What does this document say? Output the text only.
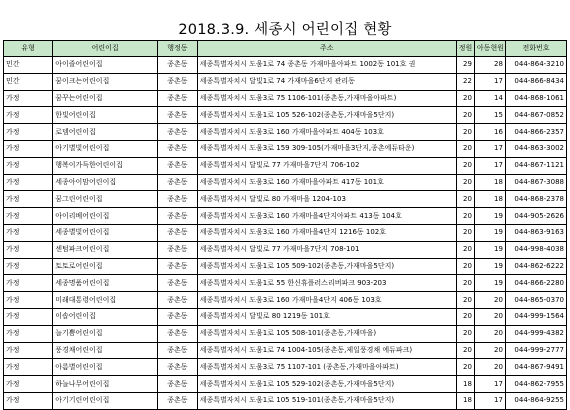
2018.3.9. 세종시 어린이집 현황
유형	어린이집	행정동	주소	정원	아동현원	전화번호
민간	아이즐어린이집	종촌동	세종특별자치시 도움1로 74 종촌동 가재마을아파트 1002동 101호 권	29	28	044-864-3210
민간	꿈이크는어린이집	종촌동	세종특별자치시 달빛1로 74 가재마을6단지 관리동	22	17	044-866-8434
가정	꿈꾸는어린이집	종촌동	세종특별자치시 도움3로 75 1106-101(종촌동,가재마을아파트)	20	14	044-868-1061
가정	한빛어린이집	종촌동	세종특별자치시 도움1로 105 526-102(종촌동,가재마을5단지)	20	15	044-867-0852
가정	로뎀어린이집	종촌동	세종특별자치시 도움3로 160 가재마을아파트 404동 103호	20	16	044-866-2357
가정	아기별빛어린이집	종촌동	세종특별자치시 도움3로 159 309-105(가재마을3단지,종촌에듀타운)	20	17	044-863-3002
가정	행복이가득한어린이집	종촌동	세종특별자치시 달빛로 77 가재마을7단지 706-102	20	17	044-867-1121
가정	세종아이맘어린이집	종촌동	세종특별자치시 도움3로 160 가재마을아파트 417동 101호	20	18	044-867-3088
가정	꿈그린어린이집	종촌동	세종특별자치시 달빛로 80 가재마을 1204-103	20	18	044-868-2378
가정	아이리베어린이집	종촌동	세종특별자치시 도움3로 160 가재마을4단지아파트 413동 104호	20	19	044-905-2626
가정	세종별빛어린이집	종촌동	세종특별자치시 도움3로 160 가재마을4단지 1216동 102호	20	19	044-863-9163
가정	센텀파크어린이집	종촌동	세종특별자치시 달빛로 77 가재마을7단지 708-101	20	19	044-998-4038
가정	토토로어린이집	종촌동	세종특별자치시 도움1로 105 509-102(종촌동,가재마을5단지)	20	19	044-862-6222
가정	세종명품어린이집	종촌동	세종특별자치시 도움1로 55 한신휴플러스리버파크 903-203	20	19	044-866-2280
가정	미래대통령어린이집	종촌동	세종특별자치시 도움3로 160 가재마을4단지 406동 103호	20	20	044-865-0370
가정	이솝어린이집	종촌동	세종특별자치시 달빛로 80 1219동 101호	20	20	044-999-1564
가정	늘기쁨어린이집	종촌동	세종특별자치시 도움1로 105 508-101(종촌동,가재마을)	20	20	044-999-4382
가정	풍경채어린이집	종촌동	세종특별자치시 도움1로 74 1004-105(종촌동,제일풍경채 에듀파크)	20	20	044-999-2777
가정	아름별어린이집	종촌동	세종특별자치시 도움3로 75 1107-101 (종촌동,가재마을아파트)	20	20	044-867-9491
가정	하늘나무어린이집	종촌동	세종특별자치시 도움1로 105 529-102(종촌동,가재마을5단지)	18	17	044-862-7955
가정	아기기린어린이집	종촌동	세종특별자치시 도움1로 105 519-101(종촌동,가재마을5단지)	18	17	044-864-9255
